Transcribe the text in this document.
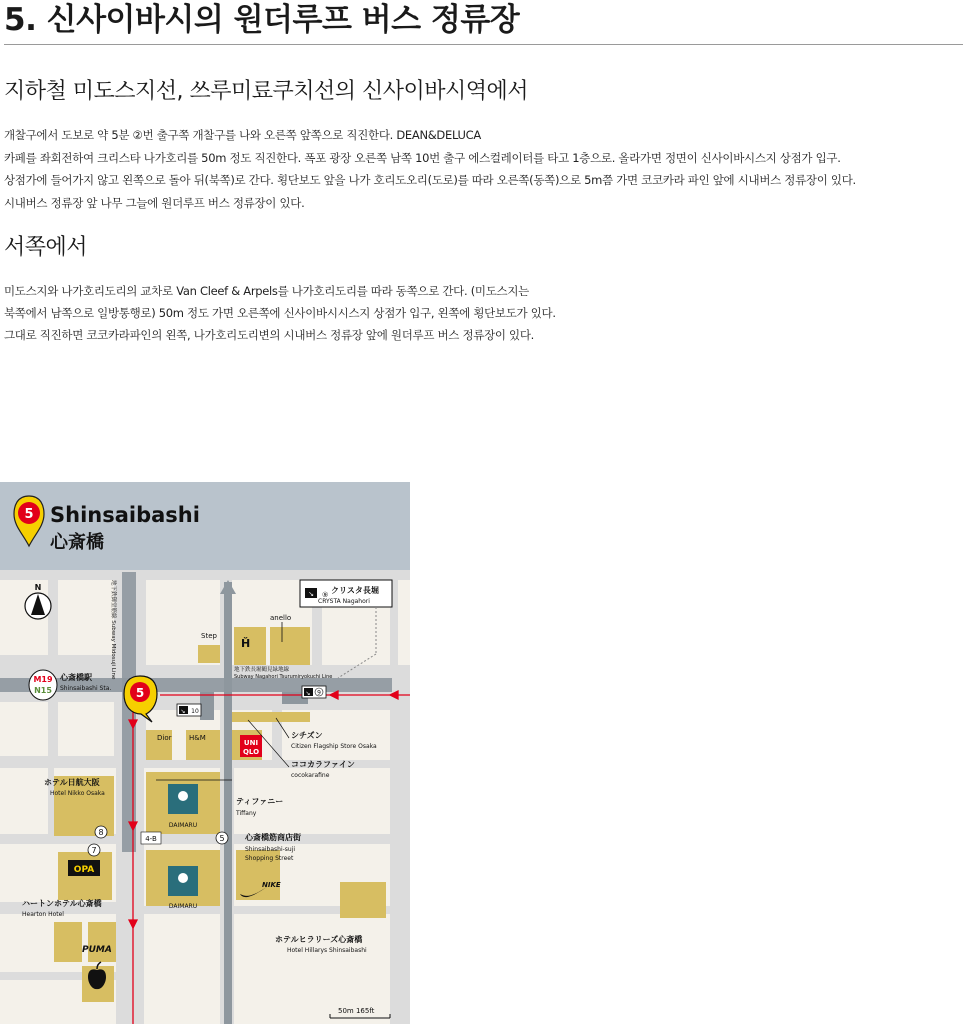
5. 신사이바시의 원더루프 버스 정류장
지하철 미도스지선, 쓰루미료쿠치선의 신사이바시역에서
개찰구에서 도보로 약 5분 ②번 출구쪽 개찰구를 나와 오른쪽 앞쪽으로 직진한다. DEAN&DELUCA
카페를 좌회전하여 크리스타 나가호리를 50m 정도 직진한다. 폭포 광장 오른쪽 남쪽 10번 출구 에스컬레이터를 타고 1층으로. 올라가면 정면이 신사이바시스지 상점가 입구.
상점가에 들어가지 않고 왼쪽으로 돌아 뒤(북쪽)로 간다. 횡단보도 앞을 나가 호리도오리(도로)를 따라 오른쪽(동쪽)으로 5m쯤 가면 코코카라 파인 앞에 시내버스 정류장이 있다.
시내버스 정류장 앞 나무 그늘에 원더루프 버스 정류장이 있다.
서쪽에서
미도스지와 나가호리도리의 교차로 Van Cleef & Arpels를 나가호리도리를 따라 동쪽으로 간다. (미도스지는
북쪽에서 남쪽으로 일방통행로) 50m 정도 가면 오른쪽에 신사이바시시스지 상점가 입구, 왼쪽에 횡단보도가 있다.
그대로 직진하면 코코카라파인의 왼쪽, 나가호리도리변의 시내버스 정류장 앞에 원더루프 버스 정류장이 있다.
5 Shinsaibashi
心斎橋
N
↘ ⑨ クリスタ長堀
CRYSTA Nagahori
anello
Step
Ȟ
地下鉄長堀鶴見緑地線
Subway Nagahori Tsurumiryokuchi Line
地下鉄御堂筋線 Subway Midosuji Line
M19
N15
心斎橋駅
Shinsaibashi Sta. 5
↘ 10
↘ 9
8
7
5
4-B
Dior	H&M
UNI
QLO
シチズン
Citizen Flagship Store Osaka
ココカラファイン
cocokarafine
DAIMARU
DAIMARU
ティファニー
Tiffany
ホテル日航大阪
Hotel Nikko Osaka
OPA
心斎橋筋商店街
Shinsaibashi-suji
Shopping Street
NIKE
ハートンホテル心斎橋
Hearton Hotel
PUMA
ホテルヒラリーズ心斎橋
Hotel Hillarys Shinsaibashi
50m 165ft
